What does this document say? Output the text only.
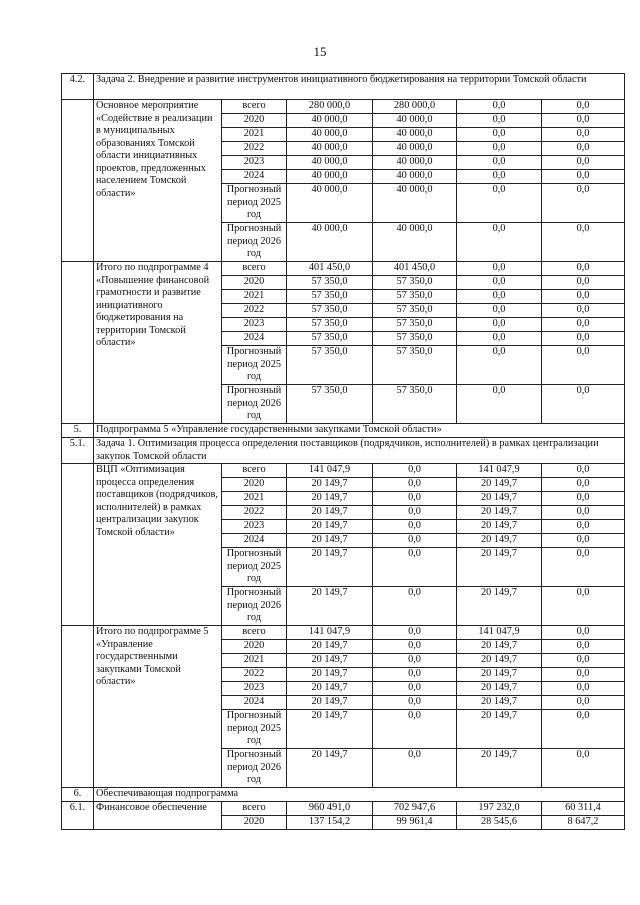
15
4.2.	Задача 2. Внедрение и развитие инструментов инициативного бюджетирования на территории Томской области					
	Основное мероприятие «Содействие в реализации в муниципальных образованиях Томской области инициативных проектов, предложенных населением Томской области»	всего	280 000,0	280 000,0	0,0	0,0
		2020	40 000,0	40 000,0	0,0	0,0
		2021	40 000,0	40 000,0	0,0	0,0
		2022	40 000,0	40 000,0	0,0	0,0
		2023	40 000,0	40 000,0	0,0	0,0
		2024	40 000,0	40 000,0	0,0	0,0
		Прогнозный период 2025 год	40 000,0	40 000,0	0,0	0,0
		Прогнозный период 2026 год	40 000,0	40 000,0	0,0	0,0
	Итого по подпрограмме 4 «Повышение финансовой грамотности и развитие инициативного бюджетирования на территории Томской области»	всего	401 450,0	401 450,0	0,0	0,0
		2020	57 350,0	57 350,0	0,0	0,0
		2021	57 350,0	57 350,0	0,0	0,0
		2022	57 350,0	57 350,0	0,0	0,0
		2023	57 350,0	57 350,0	0,0	0,0
		2024	57 350,0	57 350,0	0,0	0,0
		Прогнозный период 2025 год	57 350,0	57 350,0	0,0	0,0
		Прогнозный период 2026 год	57 350,0	57 350,0	0,0	0,0
5.	Подпрограмма 5 «Управление государственными закупками Томской области»					
5.1.	Задача 1. Оптимизация процесса определения поставщиков (подрядчиков, исполнителей) в рамках централизации закупок Томской области					
	ВЦП «Оптимизация процесса определения поставщиков (подрядчиков, исполнителей) в рамках централизации закупок Томской области»	всего	141 047,9	0,0	141 047,9	0,0
		2020	20 149,7	0,0	20 149,7	0,0
		2021	20 149,7	0,0	20 149,7	0,0
		2022	20 149,7	0,0	20 149,7	0,0
		2023	20 149,7	0,0	20 149,7	0,0
		2024	20 149,7	0,0	20 149,7	0,0
		Прогнозный период 2025 год	20 149,7	0,0	20 149,7	0,0
		Прогнозный период 2026 год	20 149,7	0,0	20 149,7	0,0
	Итого по подпрограмме 5 «Управление государственными закупками Томской области»	всего	141 047,9	0,0	141 047,9	0,0
		2020	20 149,7	0,0	20 149,7	0,0
		2021	20 149,7	0,0	20 149,7	0,0
		2022	20 149,7	0,0	20 149,7	0,0
		2023	20 149,7	0,0	20 149,7	0,0
		2024	20 149,7	0,0	20 149,7	0,0
		Прогнозный период 2025 год	20 149,7	0,0	20 149,7	0,0
		Прогнозный период 2026 год	20 149,7	0,0	20 149,7	0,0
6.	Обеспечивающая подпрограмма					
6.1.	Финансовое обеспечение	всего	960 491,0	702 947,6	197 232,0	60 311,4
		2020	137 154,2	99 961,4	28 545,6	8 647,2
